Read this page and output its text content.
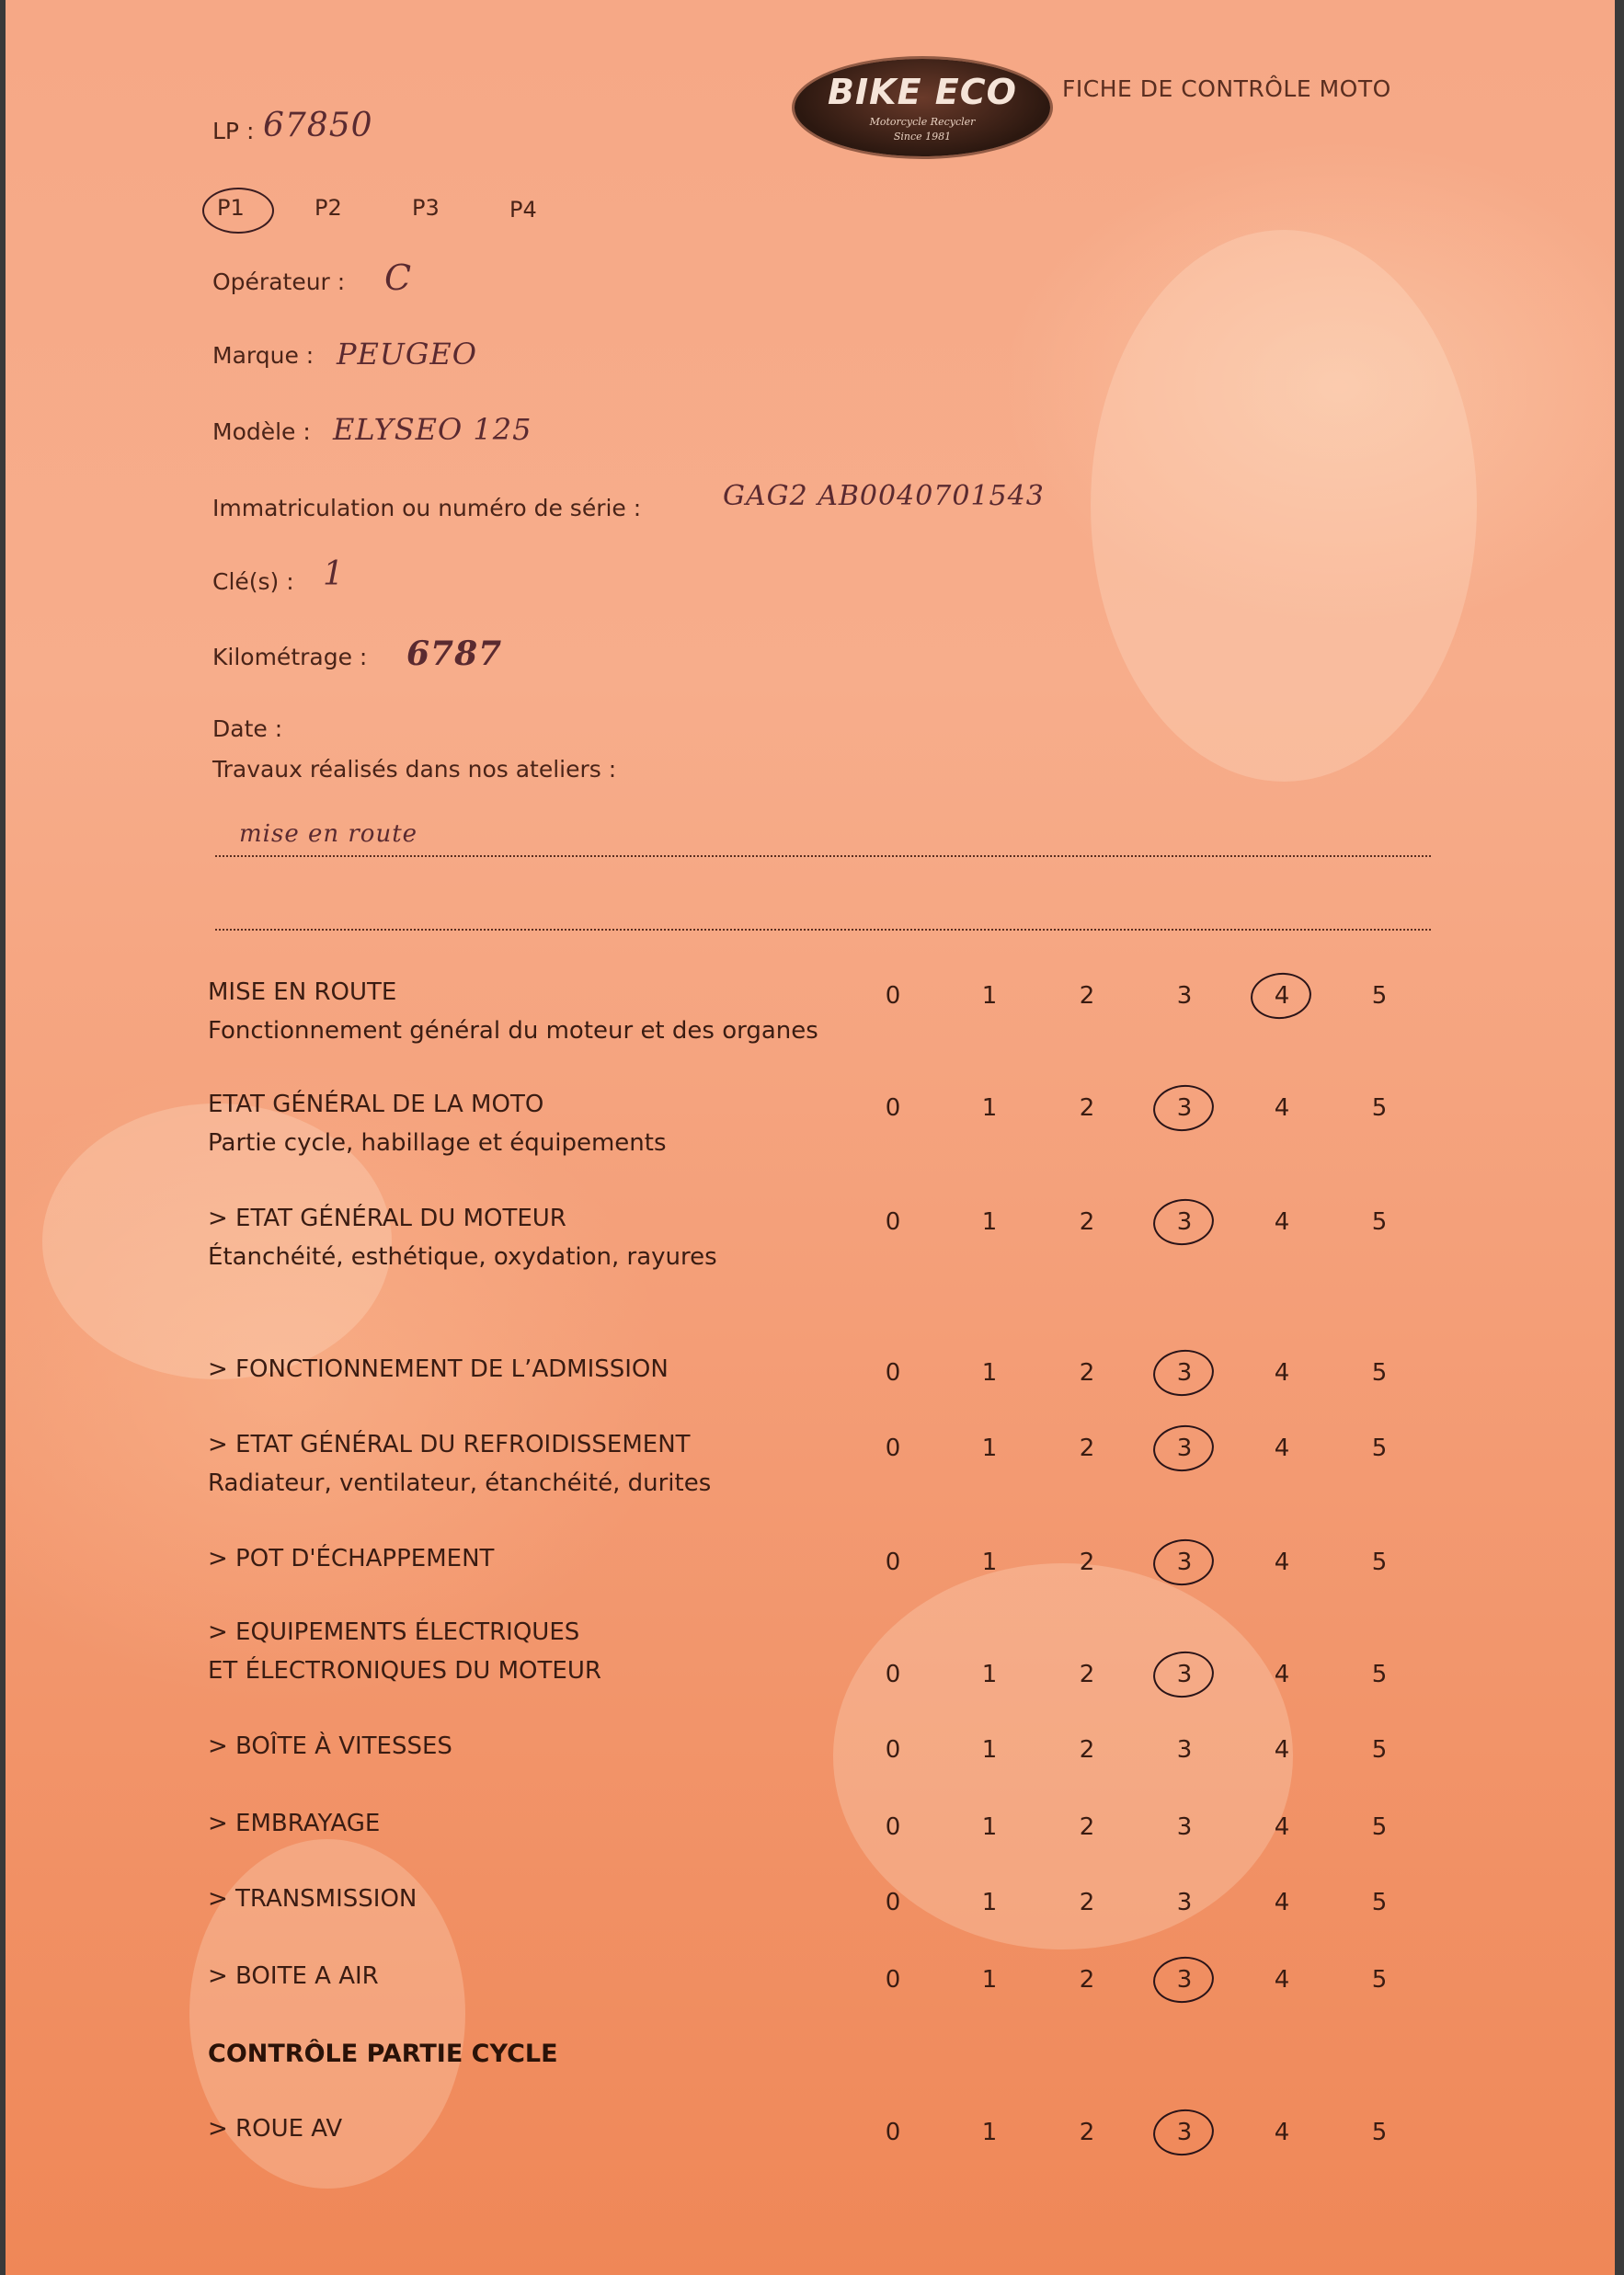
BIKE ECO
Motorcycle Recycler
Since 1981
FICHE DE CONTRÔLE MOTO
LP : 67850
P1	P2	P3	P4
Opérateur : C
Marque : PEUGEO
Modèle : ELYSEO 125
Immatriculation ou numéro de série :	GAG2 AB0040701543
Clé(s) : 1
Kilométrage : 6787
Date :
Travaux réalisés dans nos ateliers :
mise en route
MISE EN ROUTE
Fonctionnement général du moteur et des organes
0	1	2	3	4	5
ETAT GÉNÉRAL DE LA MOTO
Partie cycle, habillage et équipements
0	1	2	3	4	5
> ETAT GÉNÉRAL DU MOTEUR
Étanchéité, esthétique, oxydation, rayures
0	1	2	3	4	5
> FONCTIONNEMENT DE L’ADMISSION	0	1	2	3	4	5
> ETAT GÉNÉRAL DU REFROIDISSEMENT
Radiateur, ventilateur, étanchéité, durites
0	1	2	3	4	5
> POT D'ÉCHAPPEMENT	0	1	2	3	4	5
> EQUIPEMENTS ÉLECTRIQUES
ET ÉLECTRONIQUES DU MOTEUR	0	1	2	3	4	5
> BOÎTE À VITESSES	0	1	2	3	4	5
> EMBRAYAGE	0	1	2	3	4	5
> TRANSMISSION	0	1	2	3	4	5
> BOITE A AIR	0	1	2	3	4	5
CONTRÔLE PARTIE CYCLE
> ROUE AV	0	1	2	3	4	5
